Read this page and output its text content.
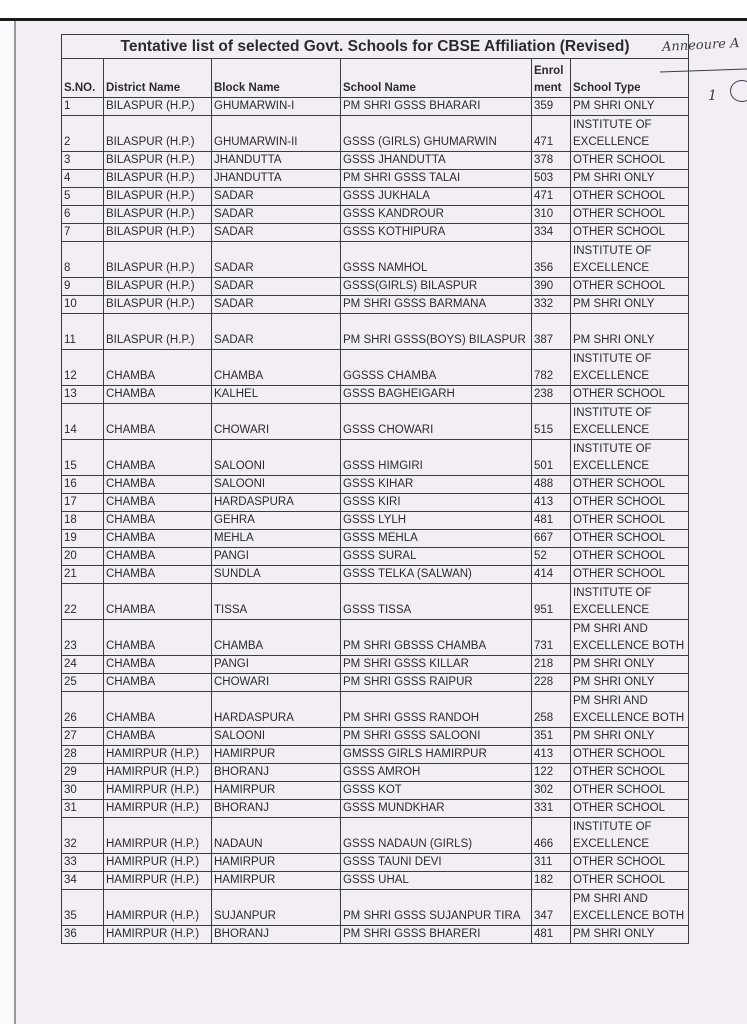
Anneoure A
1
Tentative list of selected Govt. Schools for CBSE Affiliation (Revised)					
S.NO.	District Name	Block Name	School Name	Enrol ment	School Type
1	BILASPUR (H.P.)	GHUMARWIN-I	PM SHRI GSSS BHARARI	359	PM SHRI ONLY
2	BILASPUR (H.P.)	GHUMARWIN-II	GSSS (GIRLS) GHUMARWIN	471	INSTITUTE OF EXCELLENCE
3	BILASPUR (H.P.)	JHANDUTTA	GSSS JHANDUTTA	378	OTHER SCHOOL
4	BILASPUR (H.P.)	JHANDUTTA	PM SHRI GSSS TALAI	503	PM SHRI ONLY
5	BILASPUR (H.P.)	SADAR	GSSS JUKHALA	471	OTHER SCHOOL
6	BILASPUR (H.P.)	SADAR	GSSS KANDROUR	310	OTHER SCHOOL
7	BILASPUR (H.P.)	SADAR	GSSS KOTHIPURA	334	OTHER SCHOOL
8	BILASPUR (H.P.)	SADAR	GSSS NAMHOL	356	INSTITUTE OF EXCELLENCE
9	BILASPUR (H.P.)	SADAR	GSSS(GIRLS) BILASPUR	390	OTHER SCHOOL
10	BILASPUR (H.P.)	SADAR	PM SHRI GSSS BARMANA	332	PM SHRI ONLY
11	BILASPUR (H.P.)	SADAR	PM SHRI GSSS(BOYS) BILASPUR	387	PM SHRI ONLY
12	CHAMBA	CHAMBA	GGSSS CHAMBA	782	INSTITUTE OF EXCELLENCE
13	CHAMBA	KALHEL	GSSS BAGHEIGARH	238	OTHER SCHOOL
14	CHAMBA	CHOWARI	GSSS CHOWARI	515	INSTITUTE OF EXCELLENCE
15	CHAMBA	SALOONI	GSSS HIMGIRI	501	INSTITUTE OF EXCELLENCE
16	CHAMBA	SALOONI	GSSS KIHAR	488	OTHER SCHOOL
17	CHAMBA	HARDASPURA	GSSS KIRI	413	OTHER SCHOOL
18	CHAMBA	GEHRA	GSSS LYLH	481	OTHER SCHOOL
19	CHAMBA	MEHLA	GSSS MEHLA	667	OTHER SCHOOL
20	CHAMBA	PANGI	GSSS SURAL	52	OTHER SCHOOL
21	CHAMBA	SUNDLA	GSSS TELKA (SALWAN)	414	OTHER SCHOOL
22	CHAMBA	TISSA	GSSS TISSA	951	INSTITUTE OF EXCELLENCE
23	CHAMBA	CHAMBA	PM SHRI GBSSS CHAMBA	731	PM SHRI AND EXCELLENCE BOTH
24	CHAMBA	PANGI	PM SHRI GSSS KILLAR	218	PM SHRI ONLY
25	CHAMBA	CHOWARI	PM SHRI GSSS RAIPUR	228	PM SHRI ONLY
26	CHAMBA	HARDASPURA	PM SHRI GSSS RANDOH	258	PM SHRI AND EXCELLENCE BOTH
27	CHAMBA	SALOONI	PM SHRI GSSS SALOONI	351	PM SHRI ONLY
28	HAMIRPUR (H.P.)	HAMIRPUR	GMSSS GIRLS HAMIRPUR	413	OTHER SCHOOL
29	HAMIRPUR (H.P.)	BHORANJ	GSSS AMROH	122	OTHER SCHOOL
30	HAMIRPUR (H.P.)	HAMIRPUR	GSSS KOT	302	OTHER SCHOOL
31	HAMIRPUR (H.P.)	BHORANJ	GSSS MUNDKHAR	331	OTHER SCHOOL
32	HAMIRPUR (H.P.)	NADAUN	GSSS NADAUN (GIRLS)	466	INSTITUTE OF EXCELLENCE
33	HAMIRPUR (H.P.)	HAMIRPUR	GSSS TAUNI DEVI	311	OTHER SCHOOL
34	HAMIRPUR (H.P.)	HAMIRPUR	GSSS UHAL	182	OTHER SCHOOL
35	HAMIRPUR (H.P.)	SUJANPUR	PM SHRI GSSS SUJANPUR TIRA	347	PM SHRI AND EXCELLENCE BOTH
36	HAMIRPUR (H.P.)	BHORANJ	PM SHRI GSSS BHARERI	481	PM SHRI ONLY
